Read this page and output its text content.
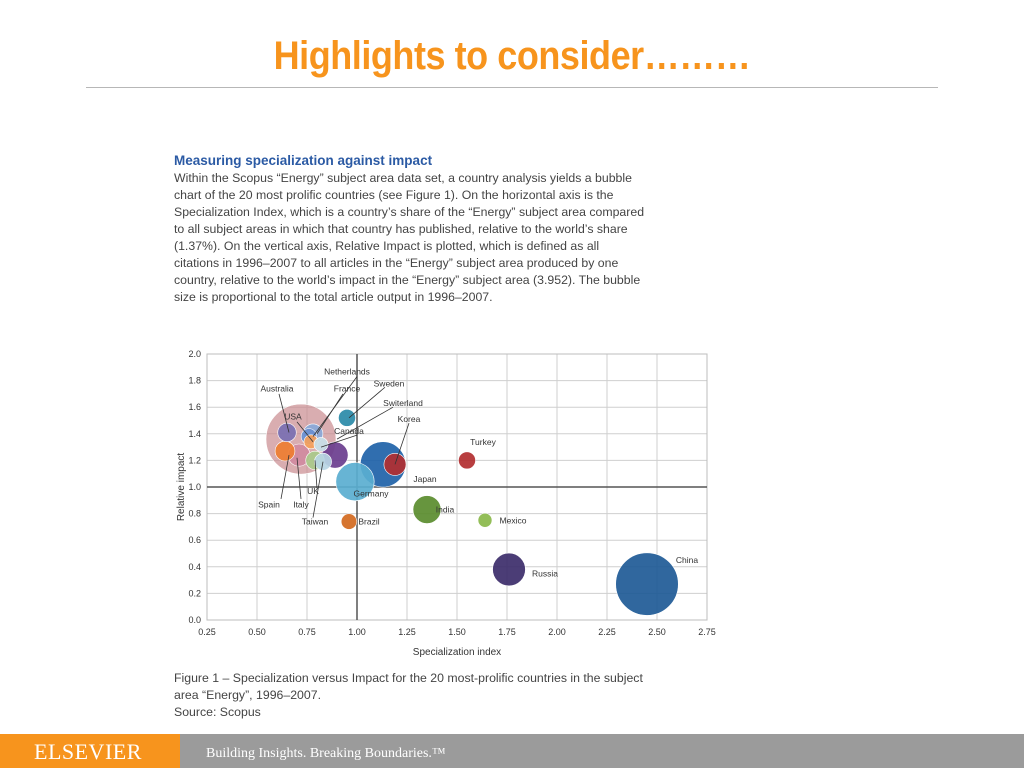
Highlights to consider………
Measuring specialization against impact
Within the Scopus “Energy” subject area data set, a country analysis yields a bubble
chart of the 20 most prolific countries (see Figure 1). On the horizontal axis is the
Specialization Index, which is a country’s share of the “Energy” subject area compared
to all subject areas in which that country has published, relative to the world’s share
(1.37%). On the vertical axis, Relative Impact is plotted, which is defined as all
citations in 1996–2007 to all articles in the “Energy” subject area produced by one
country, relative to the world’s impact in the “Energy” subject area (3.952). The bubble
size is proportional to the total article output in 1996–2007.
0.25	0.50	0.75	1.00	1.25	1.50	1.75	2.00	2.25	2.50	2.75
0.0
0.2
0.4
0.6
0.8
1.0
1.2
1.4
1.6
1.8
2.0
Specialization index
Relative impact
Netherlands
Sweden
France
Australia
Switerland
USA	Korea
Canada
Turkey
Japan
Germany
UK
Spain Italy
India
Mexico
Taiwan	Brazil
China
Russia
Figure 1 – Specialization versus Impact for the 20 most-prolific countries in the subject
area “Energy”, 1996–2007.
Source: Scopus
ELSEVIER	Building Insights. Breaking Boundaries.™
